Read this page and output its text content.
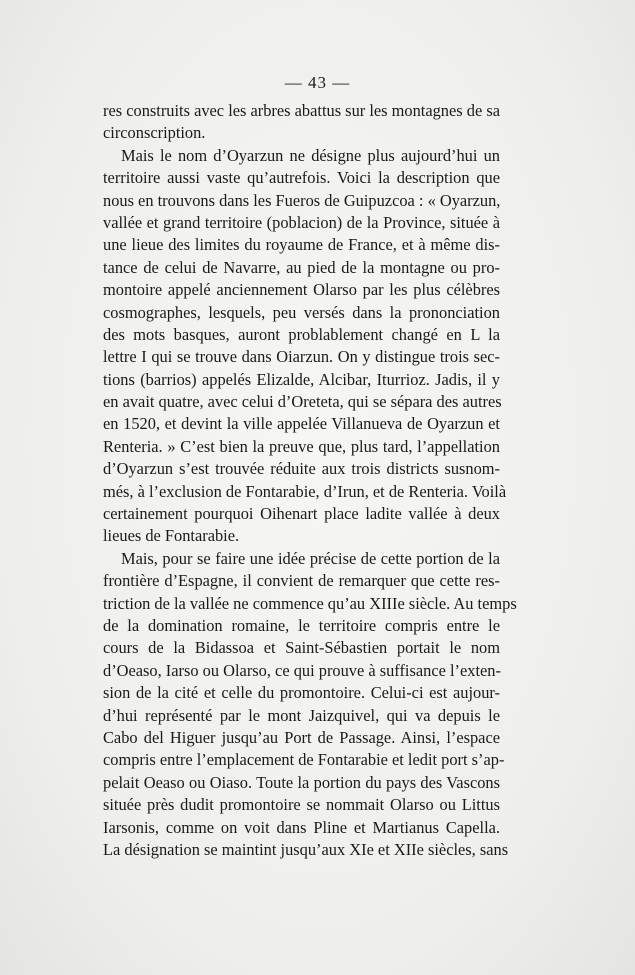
— 43 —
res construits avec les arbres abattus sur les montagnes de sa
circonscription.
Mais le nom d’Oyarzun ne désigne plus aujourd’hui un
territoire aussi vaste qu’autrefois. Voici la description que
nous en trouvons dans les Fueros de Guipuzcoa : « Oyarzun,
vallée et grand territoire (poblacion) de la Province, située à
une lieue des limites du royaume de France, et à même dis-
tance de celui de Navarre, au pied de la montagne ou pro-
montoire appelé anciennement Olarso par les plus célèbres
cosmographes, lesquels, peu versés dans la prononciation
des mots basques, auront problablement changé en L la
lettre I qui se trouve dans Oiarzun. On y distingue trois sec-
tions (barrios) appelés Elizalde, Alcibar, Iturrioz. Jadis, il y
en avait quatre, avec celui d’Oreteta, qui se sépara des autres
en 1520, et devint la ville appelée Villanueva de Oyarzun et
Renteria. » C’est bien la preuve que, plus tard, l’appellation
d’Oyarzun s’est trouvée réduite aux trois districts susnom-
més, à l’exclusion de Fontarabie, d’Irun, et de Renteria. Voilà
certainement pourquoi Oihenart place ladite vallée à deux
lieues de Fontarabie.
Mais, pour se faire une idée précise de cette portion de la
frontière d’Espagne, il convient de remarquer que cette res-
triction de la vallée ne commence qu’au XIIIe siècle. Au temps
de la domination romaine, le territoire compris entre le
cours de la Bidassoa et Saint-Sébastien portait le nom
d’Oeaso, Iarso ou Olarso, ce qui prouve à suffisance l’exten-
sion de la cité et celle du promontoire. Celui-ci est aujour-
d’hui représenté par le mont Jaizquivel, qui va depuis le
Cabo del Higuer jusqu’au Port de Passage. Ainsi, l’espace
compris entre l’emplacement de Fontarabie et ledit port s’ap-
pelait Oeaso ou Oiaso. Toute la portion du pays des Vascons
située près dudit promontoire se nommait Olarso ou Littus
Iarsonis, comme on voit dans Pline et Martianus Capella.
La désignation se maintint jusqu’aux XIe et XIIe siècles, sans
